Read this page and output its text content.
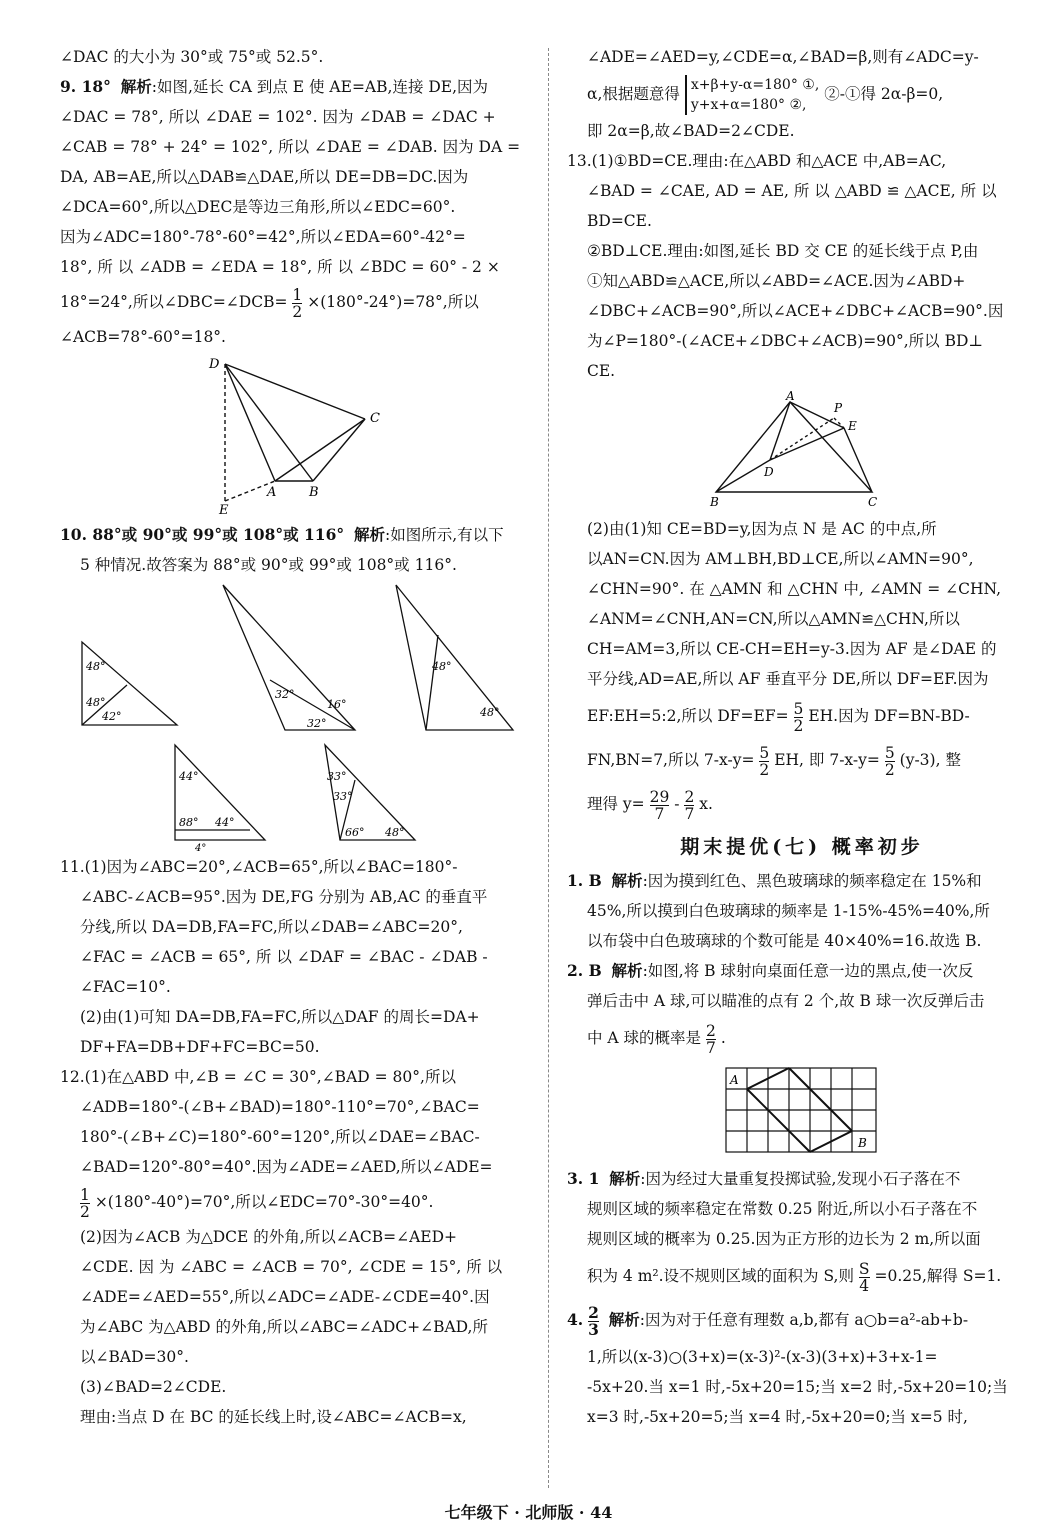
∠DAC 的大小为 30°或 75°或 52.5°.

9. 18° 解析:如图,延长 CA 到点 E 使 AE=AB,连接 DE,因为

∠DAC = 78°, 所以 ∠DAE = 102°. 因为 ∠DAB = ∠DAC +

∠CAB = 78° + 24° = 102°, 所以 ∠DAE = ∠DAB. 因为 DA =

DA, AB=AE,所以△DAB≌△DAE,所以 DE=DB=DC.因为

∠DCA=60°,所以△DEC是等边三角形,所以∠EDC=60°.

因为∠ADC=180°-78°-60°=42°,所以∠EDA=60°-42°=

18°, 所 以 ∠ADB = ∠EDA = 18°, 所 以 ∠BDC = 60° - 2 ×

18°=24°,所以∠DBC=∠DCB= $\frac{1}{2} \times(180^\circ-24^\circ)=78^\circ$,所以

∠ACB=78°-60°=18°.

D
C
A	B
E

10. 88°或 90°或 99°或 108°或 116° 解析:如图所示,有以下

5 种情况.故答案为 88°或 90°或 99°或 108°或 116°.

48°
48°
42°
32°
32°
16°
48°
48°
44°
88° 44°
4°
33°
33°
66° 48°

11.(1)因为∠ABC=20°,∠ACB=65°,所以∠BAC=180°-

∠ABC-∠ACB=95°.因为 DE,FG 分别为 AB,AC 的垂直平

分线,所以 DA=DB,FA=FC,所以∠DAB=∠ABC=20°,

∠FAC = ∠ACB = 65°, 所 以 ∠DAF = ∠BAC - ∠DAB -

∠FAC=10°.

(2)由(1)可知 DA=DB,FA=FC,所以△DAF 的周长=DA+

DF+FA=DB+DF+FC=BC=50.

12.(1)在△ABD 中,∠B = ∠C = 30°,∠BAD = 80°,所以

∠ADB=180°-(∠B+∠BAD)=180°-110°=70°,∠BAC=

180°-(∠B+∠C)=180°-60°=120°,所以∠DAE=∠BAC-

∠BAD=120°-80°=40°.因为∠ADE=∠AED,所以∠ADE=

$\frac{1}{2} \times(180^\circ-40^\circ)=70^\circ$,所以∠EDC=70°-30°=40°.

(2)因为∠ACB 为△DCE 的外角,所以∠ACB=∠AED+

∠CDE. 因 为 ∠ABC = ∠ACB = 70°, ∠CDE = 15°, 所 以

∠ADE=∠AED=55°,所以∠ADC=∠ADE-∠CDE=40°.因

为∠ABC 为△ABD 的外角,所以∠ABC=∠ADC+∠BAD,所

以∠BAD=30°.

(3)∠BAD=2∠CDE.

理由:当点 D 在 BC 的延长线上时,设∠ABC=∠ACB=x,

∠ADE=∠AED=y,∠CDE=α,∠BAD=β,则有∠ADC=y-

α,根据题意得 x+β+y-α=180° ①,
y+x+α=180° ②,
②-①得 2α-β=0,

即 2α=β,故∠BAD=2∠CDE.

13.(1)①BD=CE.理由:在△ABD 和△ACE 中,AB=AC,

∠BAD = ∠CAE, AD = AE, 所 以 △ABD ≌ △ACE, 所 以

BD=CE.

②BD⊥CE.理由:如图,延长 BD 交 CE 的延长线于点 P,由

①知△ABD≌△ACE,所以∠ABD=∠ACE.因为∠ABD+

∠DBC+∠ACB=90°,所以∠ACE+∠DBC+∠ACB=90°.因

为∠P=180°-(∠ACE+∠DBC+∠ACB)=90°,所以 BD⊥

CE.

A
P
E
D
B	C

(2)由(1)知 CE=BD=y,因为点 N 是 AC 的中点,所

以AN=CN.因为 AM⊥BH,BD⊥CE,所以∠AMN=90°,

∠CHN=90°. 在 △AMN 和 △CHN 中, ∠AMN = ∠CHN,

∠ANM=∠CNH,AN=CN,所以△AMN≌△CHN,所以

CH=AM=3,所以 CE-CH=EH=y-3.因为 AF 是∠DAE 的

平分线,AD=AE,所以 AF 垂直平分 DE,所以 DF=EF.因为

EF:EH=5:2,所以 $DF=EF= \frac{5}{2}$ EH.因为 DF=BN-BD-

FN,BN=7,所以 $7-x-y= \frac{5}{2}$ EH, 即 $7-x-y= \frac{5}{2} (y-3)$, 整

理得 $y= \frac{29}{7} - \frac{2}{7} x$.

期末提优(七) 概率初步

1. B 解析:因为摸到红色、黑色玻璃球的频率稳定在 15%和

45%,所以摸到白色玻璃球的频率是 1-15%-45%=40%,所

以布袋中白色玻璃球的个数可能是 40×40%=16.故选 B.

2. B 解析:如图,将 B 球射向桌面任意一边的黑点,使一次反

弹后击中 A 球,可以瞄准的点有 2 个,故 B 球一次反弹后击

中 A 球的概率是 $\frac{2}{7}$ .

A
B

3. 1 解析:因为经过大量重复投掷试验,发现小石子落在不

规则区域的频率稳定在常数 0.25 附近,所以小石子落在不

规则区域的概率为 0.25.因为正方形的边长为 2 m,所以面

积为 4 m².设不规则区域的面积为 S,则 $\frac{S}{4} =0.25$,解得 S=1.

4. $\frac{2}{3}$ 解析:因为对于任意有理数 a,b,都有 a○b=a²-ab+b-

1,所以(x-3)○(3+x)=(x-3)²-(x-3)(3+x)+3+x-1=

-5x+20.当 x=1 时,-5x+20=15;当 x=2 时,-5x+20=10;当

x=3 时,-5x+20=5;当 x=4 时,-5x+20=0;当 x=5 时,

七年级下 · 北师版 · 44
